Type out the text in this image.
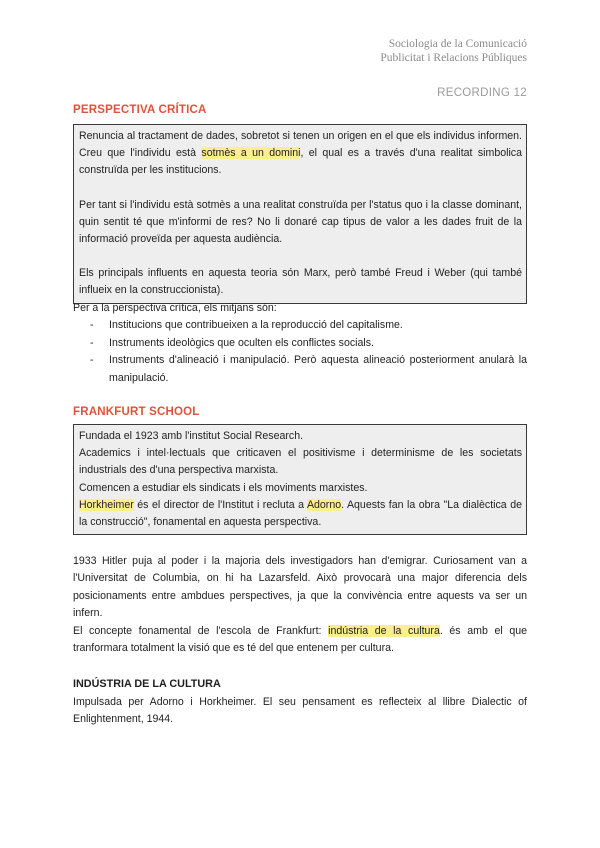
Sociologia de la Comunicació
Publicitat i Relacions Públiques
RECORDING 12
PERSPECTIVA CRÍTICA

Renuncia al tractament de dades, sobretot si tenen un origen en el que els individus informen. Creu que l'individu està sotmès a un domini, el qual es a través d'una realitat simbolica construïda per les institucions.

Per tant si l'individu està sotmès a una realitat construïda per l'status quo i la classe dominant, quin sentit té que m'informi de res? No li donaré cap tipus de valor a les dades fruit de la informació proveïda per aquesta audiència.

Els principals influents en aquesta teoria són Marx, però també Freud i Weber (qui també influeix en la construccionista).

Per a la perspectiva crítica, els mitjans són:

- Institucions que contribueixen a la reproducció del capitalisme.
- Instruments ideològics que oculten els conflictes socials.
- Instruments d'alineació i manipulació. Però aquesta alineació posteriorment anularà la manipulació.
FRANKFURT SCHOOL

Fundada el 1923 amb l'institut Social Research.

Academics i intel·lectuals que criticaven el positivisme i determinisme de les societats industrials des d'una perspectiva marxista.

Comencen a estudiar els sindicats i els moviments marxistes.

Horkheimer és el director de l'Institut i recluta a Adorno. Aquests fan la obra "La dialèctica de la construcció", fonamental en aquesta perspectiva.

1933 Hitler puja al poder i la majoria dels investigadors han d'emigrar. Curiosament van a l'Universitat de Columbia, on hi ha Lazarsfeld. Això provocarà una major diferencia dels posicionaments entre ambdues perspectives, ja que la convivència entre aquests va ser un infern.

El concepte fonamental de l'escola de Frankfurt: indústria de la cultura. és amb el que tranformara totalment la visió que es té del que entenem per cultura.

INDÚSTRIA DE LA CULTURA

Impulsada per Adorno i Horkheimer. El seu pensament es reflecteix al llibre Dialectic of Enlightenment, 1944.
